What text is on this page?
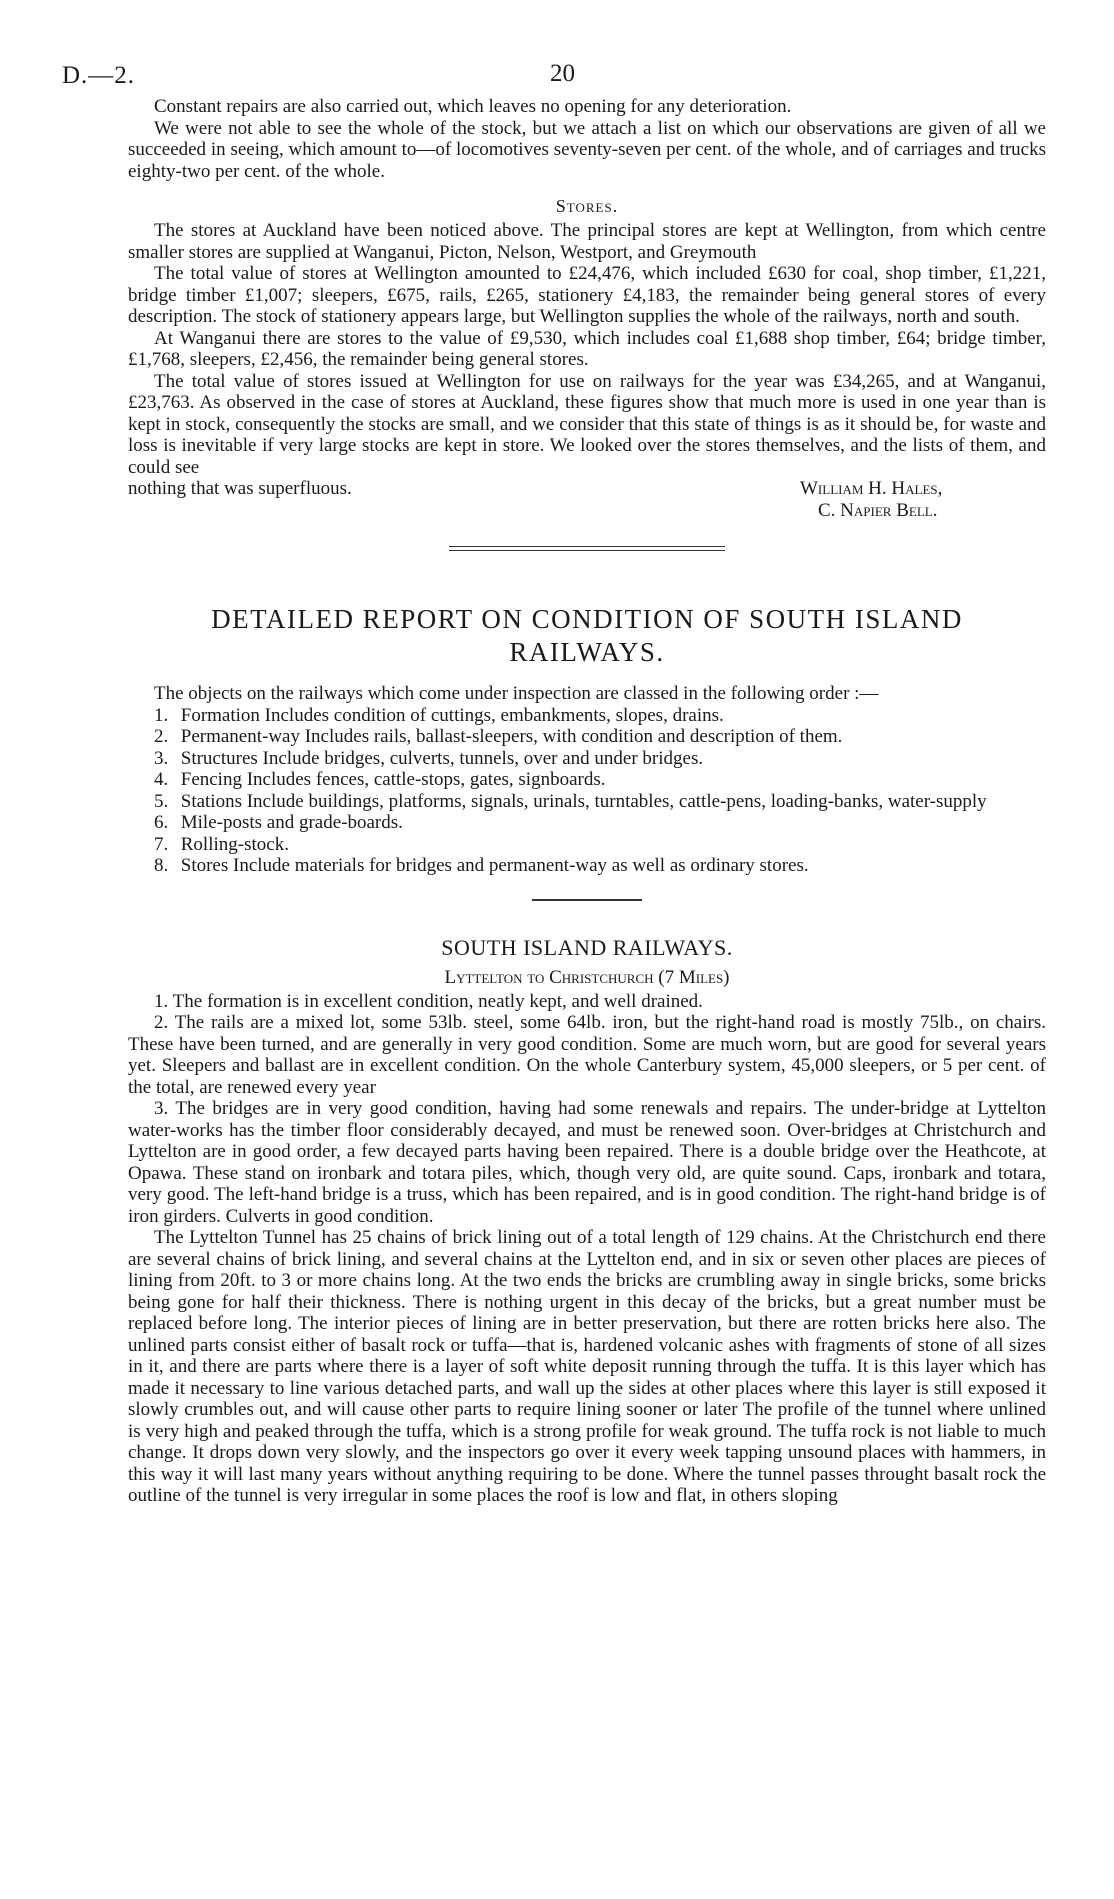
D.—2.	20

Constant repairs are also carried out, which leaves no opening for any deterioration.

We were not able to see the whole of the stock, but we attach a list on which our observations are given of all we succeeded in seeing, which amount to—of locomotives seventy-seven per cent. of the whole, and of carriages and trucks eighty-two per cent. of the whole.

Stores.

The stores at Auckland have been noticed above. The principal stores are kept at Wellington, from which centre smaller stores are supplied at Wanganui, Picton, Nelson, Westport, and Greymouth

The total value of stores at Wellington amounted to £24,476, which included £630 for coal, shop timber, £1,221, bridge timber £1,007; sleepers, £675, rails, £265, stationery £4,183, the remainder being general stores of every description. The stock of stationery appears large, but Wellington supplies the whole of the railways, north and south.

At Wanganui there are stores to the value of £9,530, which includes coal £1,688 shop timber, £64; bridge timber, £1,768, sleepers, £2,456, the remainder being general stores.

The total value of stores issued at Wellington for use on railways for the year was £34,265, and at Wanganui, £23,763. As observed in the case of stores at Auckland, these figures show that much more is used in one year than is kept in stock, consequently the stocks are small, and we consider that this state of things is as it should be, for waste and loss is inevitable if very large stocks are kept in store. We looked over the stores themselves, and the lists of them, and could see

nothing that was superfluous.	William H. Hales,
C. Napier Bell.
DETAILED REPORT ON CONDITION OF SOUTH ISLAND
RAILWAYS.

The objects on the railways which come under inspection are classed in the following order :—

1. Formation Includes condition of cuttings, embankments, slopes, drains.
2. Permanent-way Includes rails, ballast-sleepers, with condition and description of them.
3. Structures Include bridges, culverts, tunnels, over and under bridges.
4. Fencing Includes fences, cattle-stops, gates, signboards.
5. Stations Include buildings, platforms, signals, urinals, turntables, cattle-pens, loading-banks, water-supply
6. Mile-posts and grade-boards.
7. Rolling-stock.
8. Stores Include materials for bridges and permanent-way as well as ordinary stores.
SOUTH ISLAND RAILWAYS.
Lyttelton to Christchurch (7 Miles)

1. The formation is in excellent condition, neatly kept, and well drained.

2. The rails are a mixed lot, some 53lb. steel, some 64lb. iron, but the right-hand road is mostly 75lb., on chairs. These have been turned, and are generally in very good condition. Some are much worn, but are good for several years yet. Sleepers and ballast are in excellent condition. On the whole Canterbury system, 45,000 sleepers, or 5 per cent. of the total, are renewed every year

3. The bridges are in very good condition, having had some renewals and repairs. The under-bridge at Lyttelton water-works has the timber floor considerably decayed, and must be renewed soon. Over-bridges at Christchurch and Lyttelton are in good order, a few decayed parts having been repaired. There is a double bridge over the Heathcote, at Opawa. These stand on ironbark and totara piles, which, though very old, are quite sound. Caps, ironbark and totara, very good. The left-hand bridge is a truss, which has been repaired, and is in good condition. The right-hand bridge is of iron girders. Culverts in good condition.

The Lyttelton Tunnel has 25 chains of brick lining out of a total length of 129 chains. At the Christchurch end there are several chains of brick lining, and several chains at the Lyttelton end, and in six or seven other places are pieces of lining from 20ft. to 3 or more chains long. At the two ends the bricks are crumbling away in single bricks, some bricks being gone for half their thickness. There is nothing urgent in this decay of the bricks, but a great number must be replaced before long. The interior pieces of lining are in better preservation, but there are rotten bricks here also. The unlined parts consist either of basalt rock or tuffa—that is, hardened volcanic ashes with fragments of stone of all sizes in it, and there are parts where there is a layer of soft white deposit running through the tuffa. It is this layer which has made it necessary to line various detached parts, and wall up the sides at other places where this layer is still exposed it slowly crumbles out, and will cause other parts to require lining sooner or later The profile of the tunnel where unlined is very high and peaked through the tuffa, which is a strong profile for weak ground. The tuffa rock is not liable to much change. It drops down very slowly, and the inspectors go over it every week tapping unsound places with hammers, in this way it will last many years without anything requiring to be done. Where the tunnel passes throught basalt rock the outline of the tunnel is very irregular in some places the roof is low and flat, in others sloping
